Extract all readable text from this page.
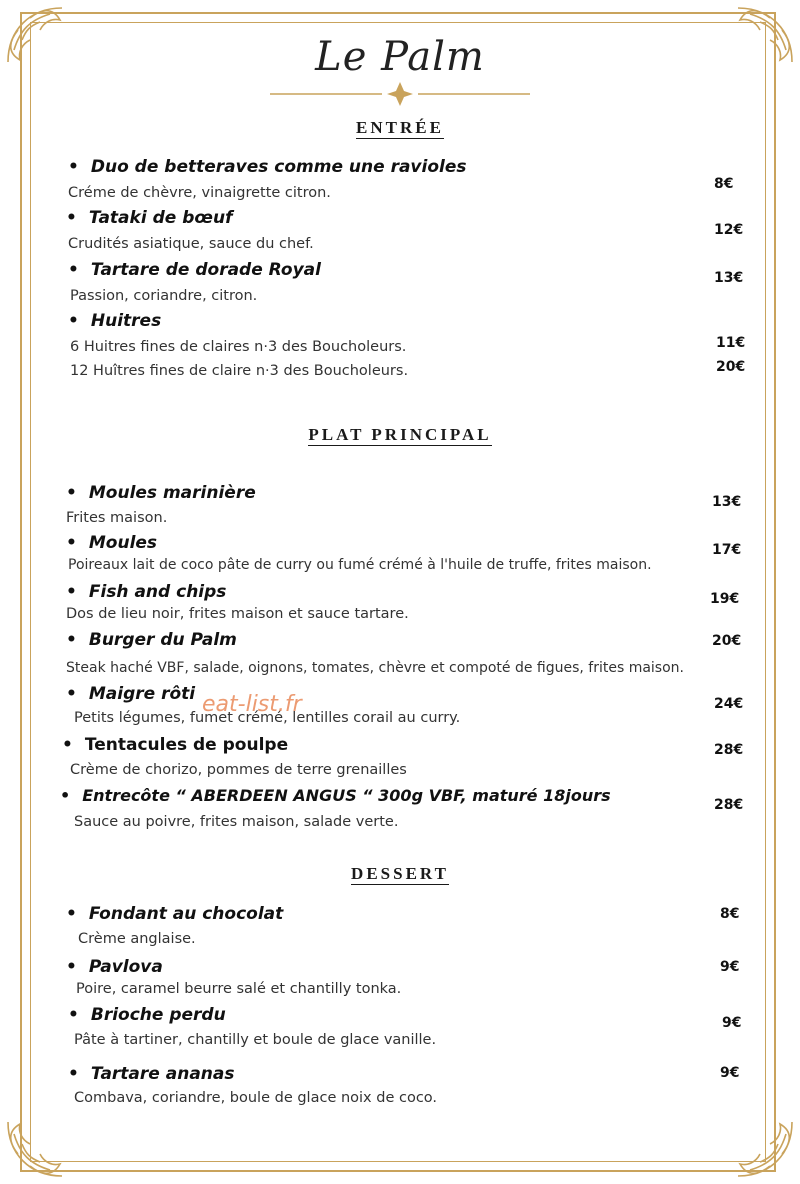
Le Palm
ENTRÉE
• Duo de betteraves comme une ravioles
Créme de chèvre, vinaigrette citron.
8€
• Tataki de bœuf
Crudités asiatique, sauce du chef.
12€
• Tartare de dorade Royal
Passion, coriandre, citron.
13€
• Huitres
6 Huitres fines de claires n·3 des Boucholeurs.
12 Huîtres fines de claire n·3 des Boucholeurs.
11€
20€
PLAT PRINCIPAL
• Moules marinière
Frites maison.
13€
• Moules
Poireaux lait de coco pâte de curry ou fumé crémé à l'huile de truffe, frites maison.
17€
• Fish and chips
Dos de lieu noir, frites maison et sauce tartare.
19€
• Burger du Palm
Steak haché VBF, salade, oignons, tomates, chèvre et compoté de figues, frites maison.
20€
• Maigre rôti
Petits légumes, fumet crémé, lentilles corail au curry.
24€
eat-list.fr
• Tentacules de poulpe
Crème de chorizo, pommes de terre grenailles
28€
• Entrecôte “ ABERDEEN ANGUS “ 300g VBF, maturé 18jours
Sauce au poivre, frites maison, salade verte.
28€
DESSERT
• Fondant au chocolat
Crème anglaise.
8€
• Pavlova
Poire, caramel beurre salé et chantilly tonka.
9€
• Brioche perdu
Pâte à tartiner, chantilly et boule de glace vanille.
9€
• Tartare ananas
Combava, coriandre, boule de glace noix de coco.
9€
